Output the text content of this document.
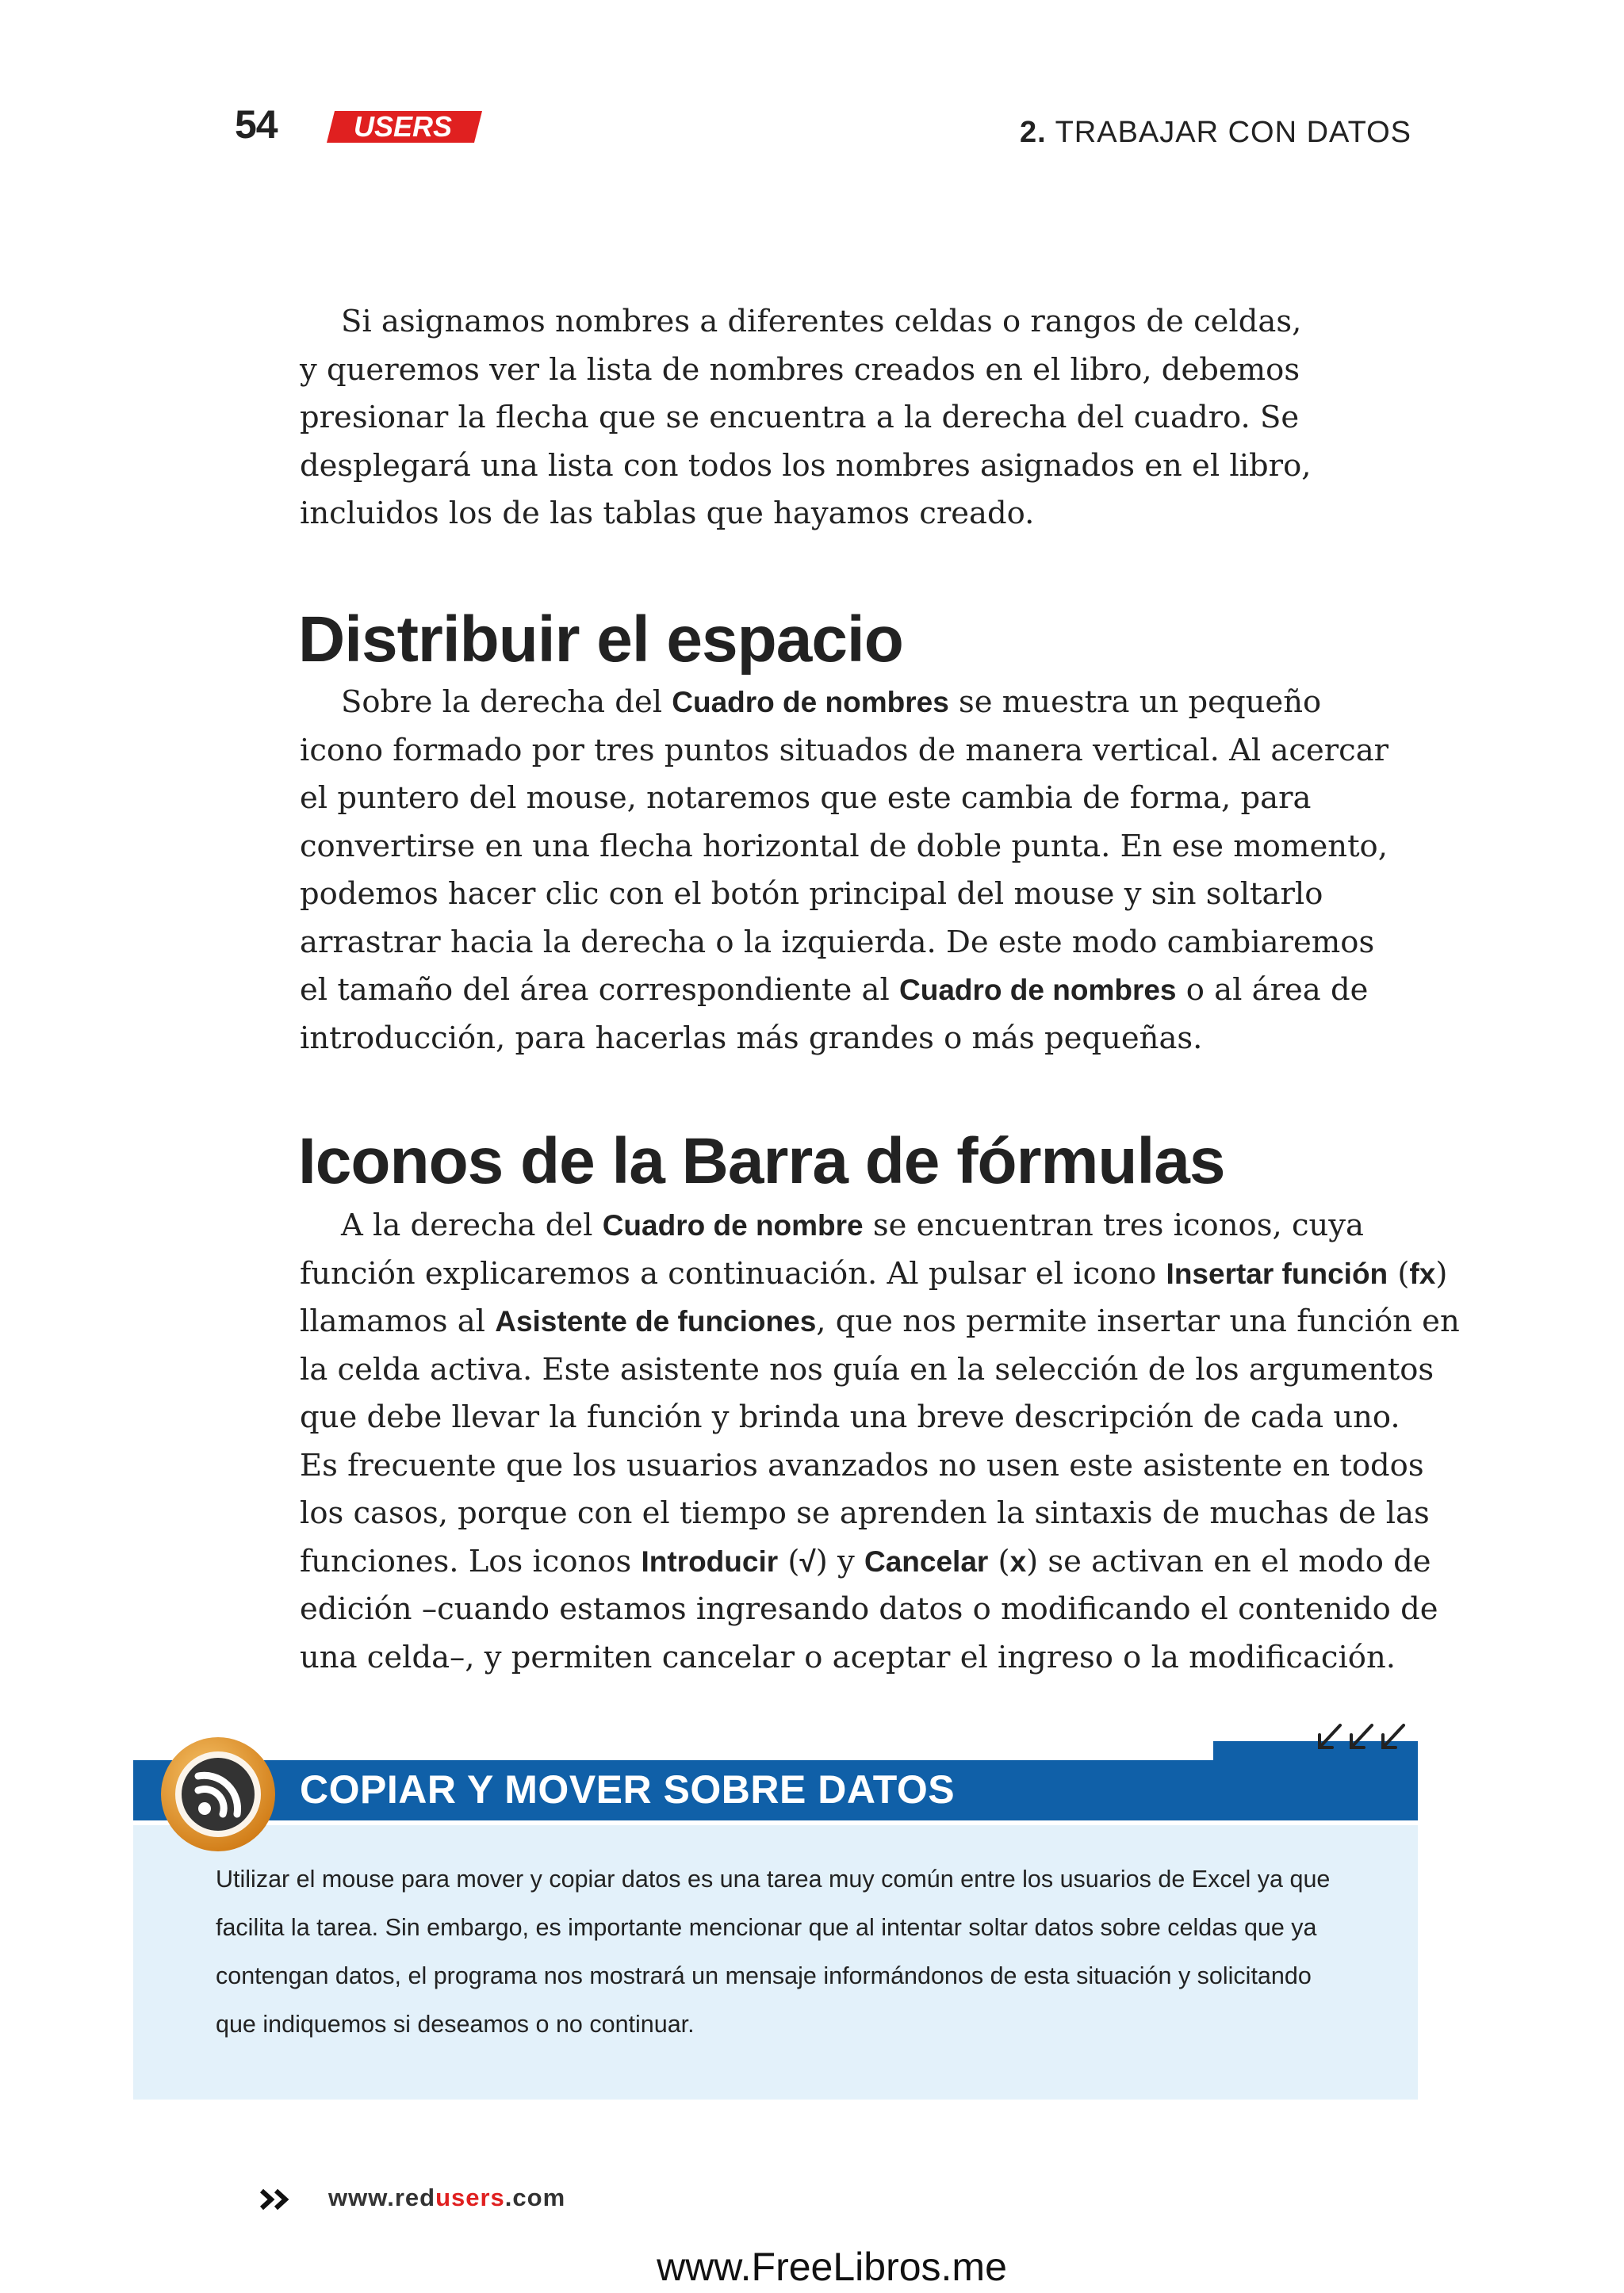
54	USERS	2. TRABAJAR CON DATOS

Si asignamos nombres a diferentes celdas o rangos de celdas,
y queremos ver la lista de nombres creados en el libro, debemos
presionar la flecha que se encuentra a la derecha del cuadro. Se
desplegará una lista con todos los nombres asignados en el libro,
incluidos los de las tablas que hayamos creado.

Distribuir el espacio

Sobre la derecha del Cuadro de nombres se muestra un pequeño
icono formado por tres puntos situados de manera vertical. Al acercar
el puntero del mouse, notaremos que este cambia de forma, para
convertirse en una flecha horizontal de doble punta. En ese momento,
podemos hacer clic con el botón principal del mouse y sin soltarlo
arrastrar hacia la derecha o la izquierda. De este modo cambiaremos
el tamaño del área correspondiente al Cuadro de nombres o al área de
introducción, para hacerlas más grandes o más pequeñas.

Iconos de la Barra de fórmulas

A la derecha del Cuadro de nombre se encuentran tres iconos, cuya
función explicaremos a continuación. Al pulsar el icono Insertar función (fx)
llamamos al Asistente de funciones, que nos permite insertar una función en
la celda activa. Este asistente nos guía en la selección de los argumentos
que debe llevar la función y brinda una breve descripción de cada uno.
Es frecuente que los usuarios avanzados no usen este asistente en todos
los casos, porque con el tiempo se aprenden la sintaxis de muchas de las
funciones. Los iconos Introducir (√) y Cancelar (x) se activan en el modo de
edición –cuando estamos ingresando datos o modificando el contenido de
una celda–, y permiten cancelar o aceptar el ingreso o la modificación.

COPIAR Y MOVER SOBRE DATOS

Utilizar el mouse para mover y copiar datos es una tarea muy común entre los usuarios de Excel ya que
facilita la tarea. Sin embargo, es importante mencionar que al intentar soltar datos sobre celdas que ya
contengan datos, el programa nos mostrará un mensaje informándonos de esta situación y solicitando
que indiquemos si deseamos o no continuar.

www.redusers.com
www.FreeLibros.me
